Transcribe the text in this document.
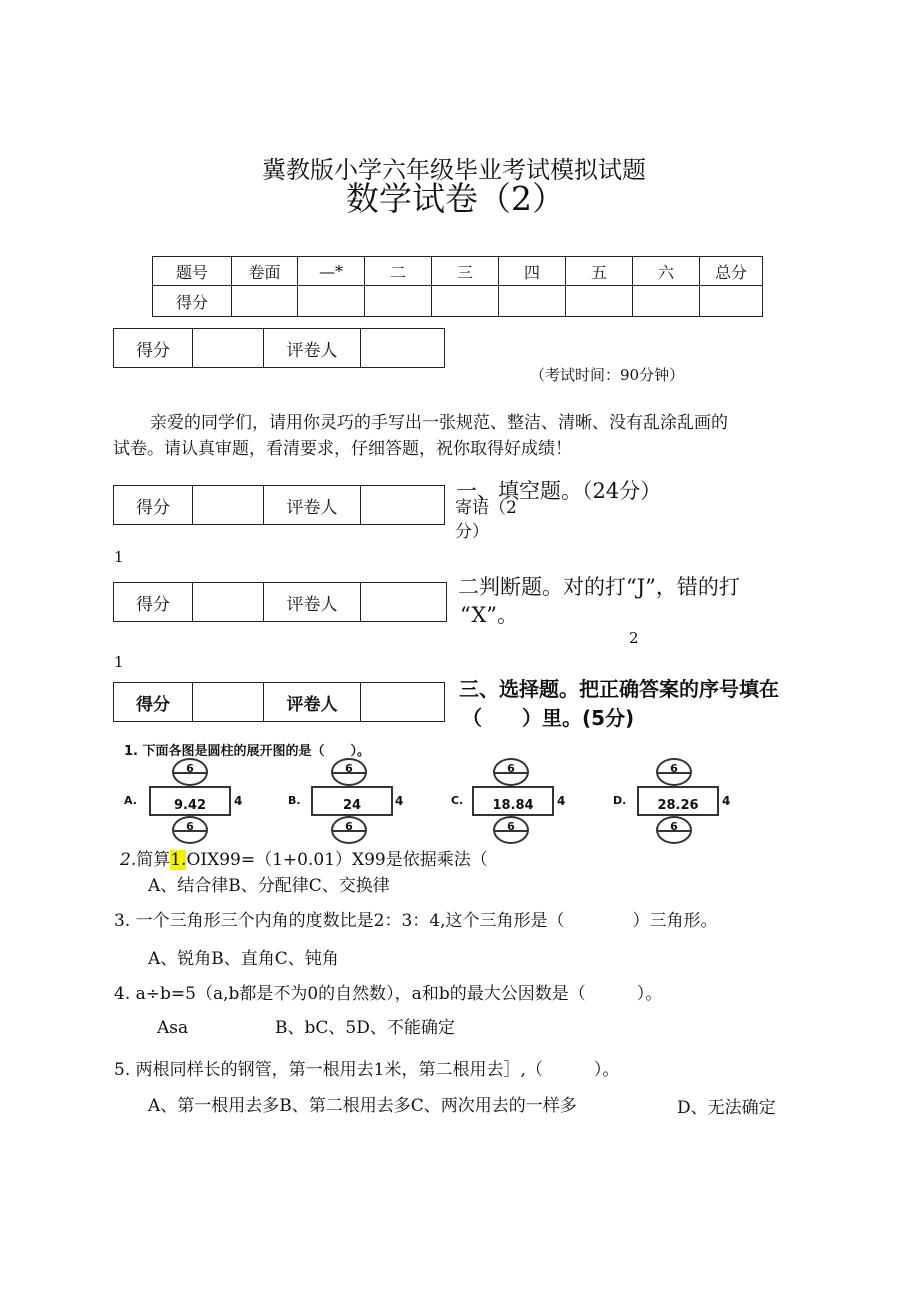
冀教版小学六年级毕业考试模拟试题
数学试卷（2）
题号	卷面	—*	二	三	四	五	六	总分
得分								
得分		评卷人	
（考试时间：90分钟）
亲爱的同学们，请用你灵巧的手写出一张规范、整洁、清晰、没有乱涂乱画的
试卷。请认真审题，看清要求，仔细答题，祝你取得好成绩！
得分		评卷人	
一、填空题。（24分）
寄语（2
分）
1
得分		评卷人	
二判断题。对的打“J”，错的打
“X”。
2
1
得分		评卷人	
三、选择题。把正确答案的序号填在
（　　）里。(5分)
1. 下面各图是圆柱的展开图的是（　　）。
A.
6
9.42	4
6
B.
6
24	4
6
C.
6
18.84	4
6
D.
6
28.26	4
6
2.简算1.OIX99=（1+0.01）X99是依据乘法（
A、结合律B、分配律C、交换律
3. 一个三角形三个内角的度数比是2：3：4,这个三角形是（　　　　）三角形。
A、锐角B、直角C、钝角
4. a÷b=5（a,b都是不为0的自然数），a和b的最大公因数是（　　　）。
Asa	B、bC、5D、不能确定
5. 两根同样长的钢管，第一根用去1米，第二根用去］,（　　　）。
A、第一根用去多B、第二根用去多C、两次用去的一样多	D、无法确定
